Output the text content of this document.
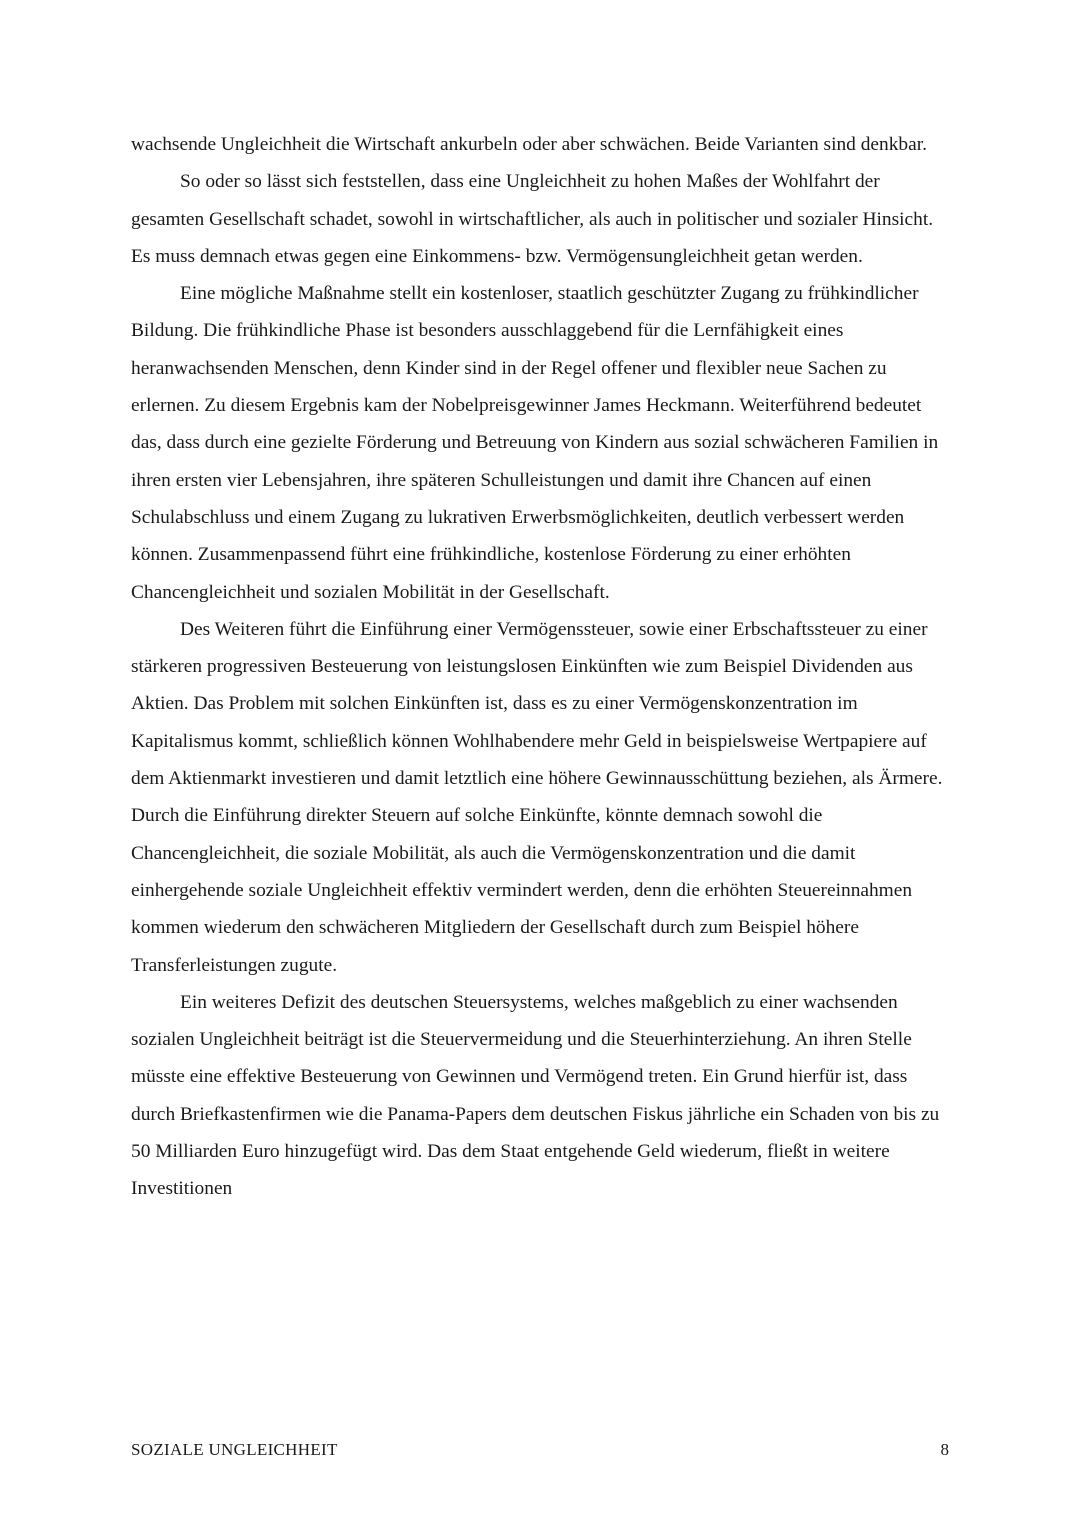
wachsende Ungleichheit die Wirtschaft ankurbeln oder aber schwächen. Beide Varianten sind denkbar.

So oder so lässt sich feststellen, dass eine Ungleichheit zu hohen Maßes der Wohlfahrt der gesamten Gesellschaft schadet, sowohl in wirtschaftlicher, als auch in politischer und sozialer Hinsicht. Es muss demnach etwas gegen eine Einkommens- bzw. Vermögensungleichheit getan werden.

Eine mögliche Maßnahme stellt ein kostenloser, staatlich geschützter Zugang zu frühkindlicher Bildung. Die frühkindliche Phase ist besonders ausschlaggebend für die Lernfähigkeit eines heranwachsenden Menschen, denn Kinder sind in der Regel offener und flexibler neue Sachen zu erlernen. Zu diesem Ergebnis kam der Nobelpreisgewinner James Heckmann. Weiterführend bedeutet das, dass durch eine gezielte Förderung und Betreuung von Kindern aus sozial schwächeren Familien in ihren ersten vier Lebensjahren, ihre späteren Schulleistungen und damit ihre Chancen auf einen Schulabschluss und einem Zugang zu lukrativen Erwerbsmöglichkeiten, deutlich verbessert werden können. Zusammenpassend führt eine frühkindliche, kostenlose Förderung zu einer erhöhten Chancengleichheit und sozialen Mobilität in der Gesellschaft.

Des Weiteren führt die Einführung einer Vermögenssteuer, sowie einer Erbschaftssteuer zu einer stärkeren progressiven Besteuerung von leistungslosen Einkünften wie zum Beispiel Dividenden aus Aktien. Das Problem mit solchen Einkünften ist, dass es zu einer Vermögenskonzentration im Kapitalismus kommt, schließlich können Wohlhabendere mehr Geld in beispielsweise Wertpapiere auf dem Aktienmarkt investieren und damit letztlich eine höhere Gewinnausschüttung beziehen, als Ärmere. Durch die Einführung direkter Steuern auf solche Einkünfte, könnte demnach sowohl die Chancengleichheit, die soziale Mobilität, als auch die Vermögenskonzentration und die damit einhergehende soziale Ungleichheit effektiv vermindert werden, denn die erhöhten Steuereinnahmen kommen wiederum den schwächeren Mitgliedern der Gesellschaft durch zum Beispiel höhere Transferleistungen zugute.

Ein weiteres Defizit des deutschen Steuersystems, welches maßgeblich zu einer wachsenden sozialen Ungleichheit beiträgt ist die Steuervermeidung und die Steuerhinterziehung. An ihren Stelle müsste eine effektive Besteuerung von Gewinnen und Vermögend treten. Ein Grund hierfür ist, dass durch Briefkastenfirmen wie die Panama-Papers dem deutschen Fiskus jährliche ein Schaden von bis zu 50 Milliarden Euro hinzugefügt wird. Das dem Staat entgehende Geld wiederum, fließt in weitere Investitionen

SOZIALE UNGLEICHHEIT	8
